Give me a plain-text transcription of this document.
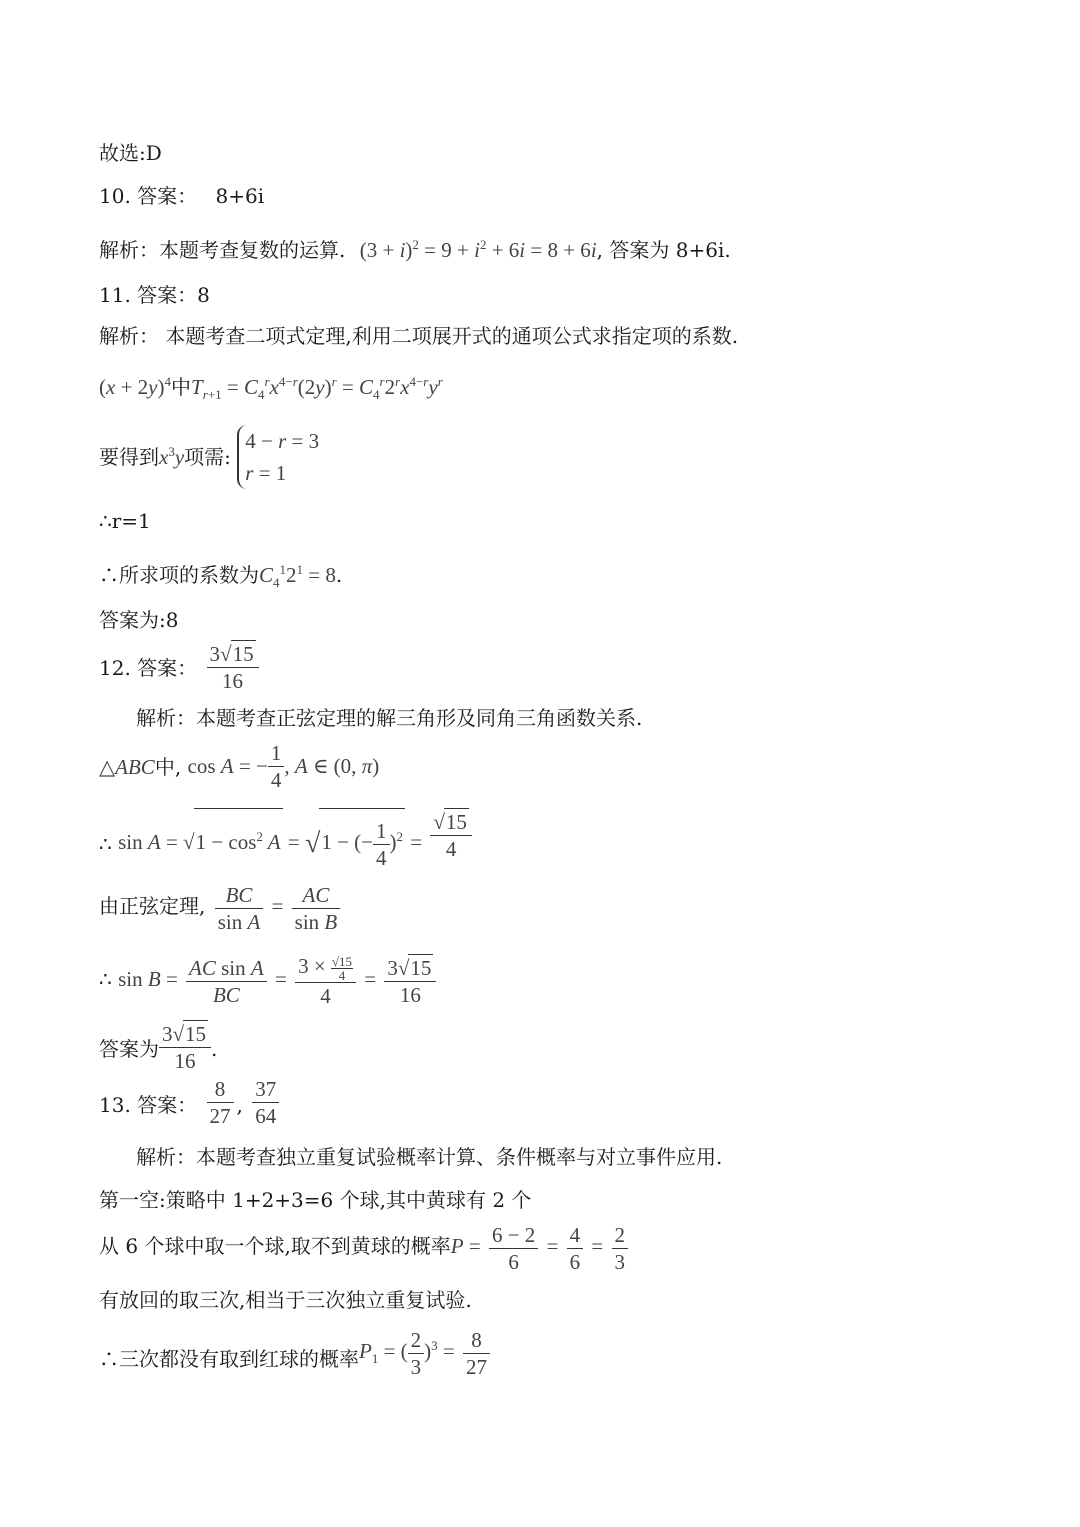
故选:D
10. 答案： 8+6i
解析：本题考查复数的运算. $(3 + i)^2 = 9 + i^2 + 6i = 8 + 6i$, 答案为 8+6i.
11. 答案：8
解析： 本题考查二项式定理,利用二项展开式的通项公式求指定项的系数.
$(x + 2y)^4$中$T_{r+1} = C_4^rx^{4-r}(2y)^r = C_4^r2^rx^{4-r}y^r$
要得到$x^3y$项需:
4 − r = 3
r = 1
∴r=1
∴所求项的系数为$C_4^12^1 = 8$.
答案为:8
12. 答案： $\frac{3√15}{16}$
解析：本题考查正弦定理的解三角形及同角三角函数关系.
△ABC中, cos A = − $\frac{1}{4}$ , A ∈ (0, π)
∴ $\sin A = √1 - \cos^2 A = √1$ − (− $\frac{1}{4} )^2 = \frac{√15}{4}$
由正弦定理, $\frac{BC}{\text{sin A}} = \frac{AC}{\text{sin B}}$
∴ $\sin B = \frac{\text{AC sin A}}{BC} = \frac{3 \times \frac{√15}{4}}{4} = \frac{3√15}{16}$
答案为 $\frac{3√15}{16}$ .
13. 答案： $\frac{8}{27}$ , $\frac{37}{64}$
解析：本题考查独立重复试验概率计算、条件概率与对立事件应用.
第一空:策略中 1+2+3=6 个球,其中黄球有 2 个
从 6 个球中取一个球,取不到黄球的概率$P = \frac{6 - 2}{6} = \frac{4}{6} = \frac{2}{3}$
有放回的取三次,相当于三次独立重复试验.
∴三次都没有取到红球的概率$P_1$ = ( $\frac{2}{3} )^3 = \frac{8}{27}$
